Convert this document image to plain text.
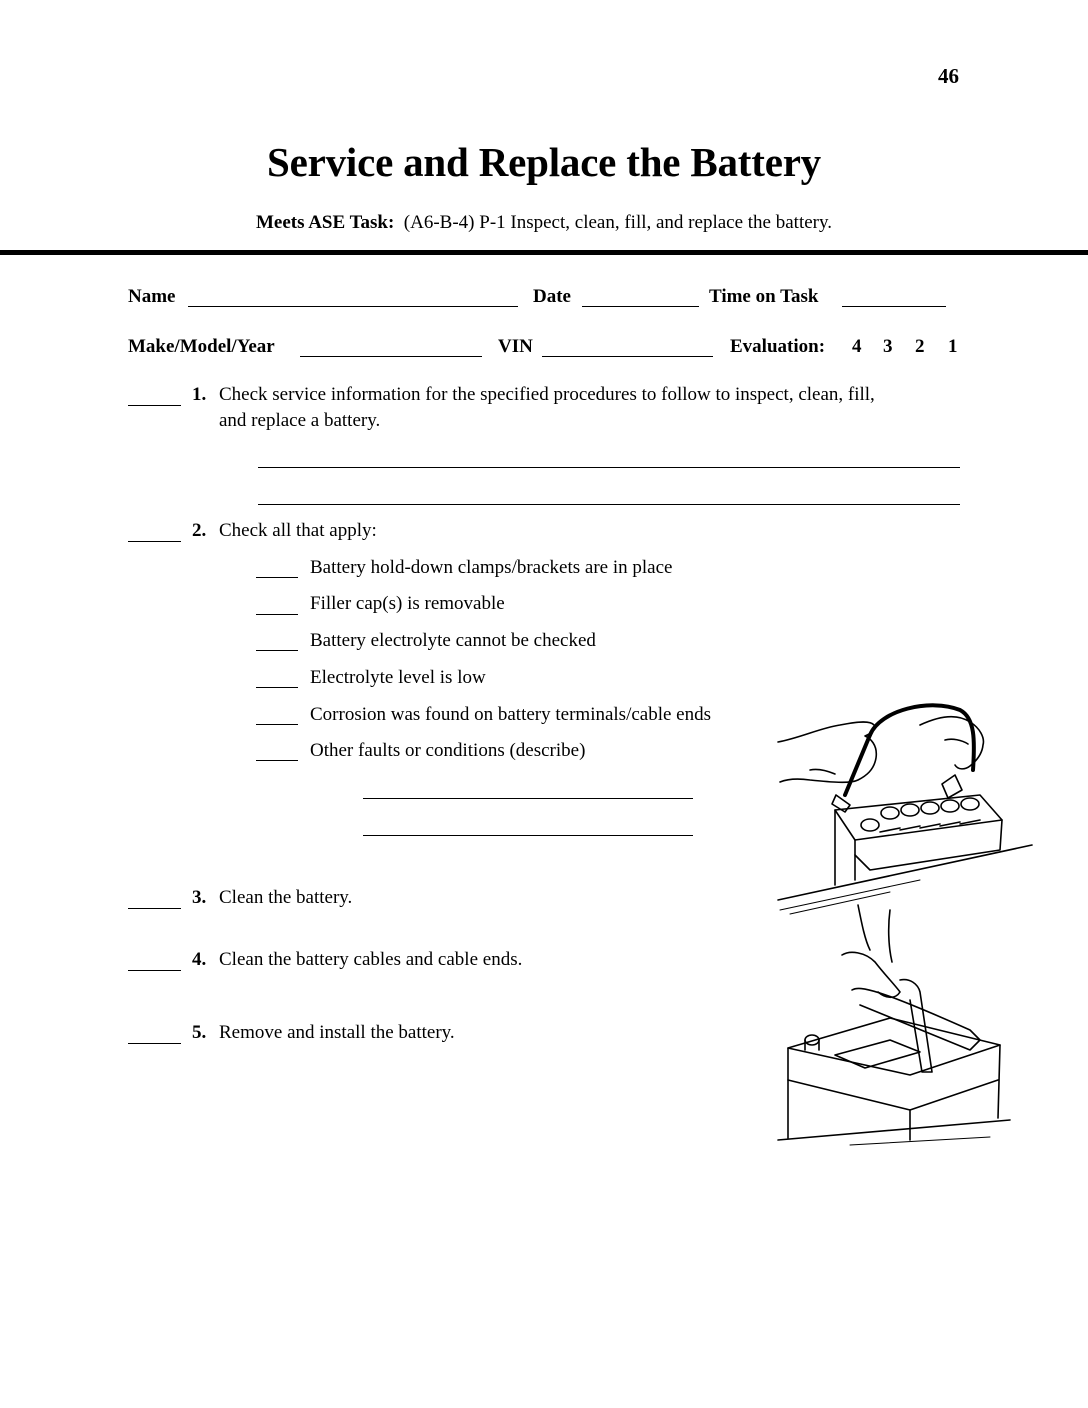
46
Service and Replace the Battery
Meets ASE Task: (A6-B-4) P-1 Inspect, clean, fill, and replace the battery.
Name	Date	Time on Task
Make/Model/Year	VIN	Evaluation: 4 3 2 1
1. Check service information for the specified procedures to follow to inspect, clean, fill,
and replace a battery.
2. Check all that apply:
Battery hold-down clamps/brackets are in place
Filler cap(s) is removable
Battery electrolyte cannot be checked
Electrolyte level is low
Corrosion was found on battery terminals/cable ends
Other faults or conditions (describe)
3. Clean the battery.
4. Clean the battery cables and cable ends.
5. Remove and install the battery.
